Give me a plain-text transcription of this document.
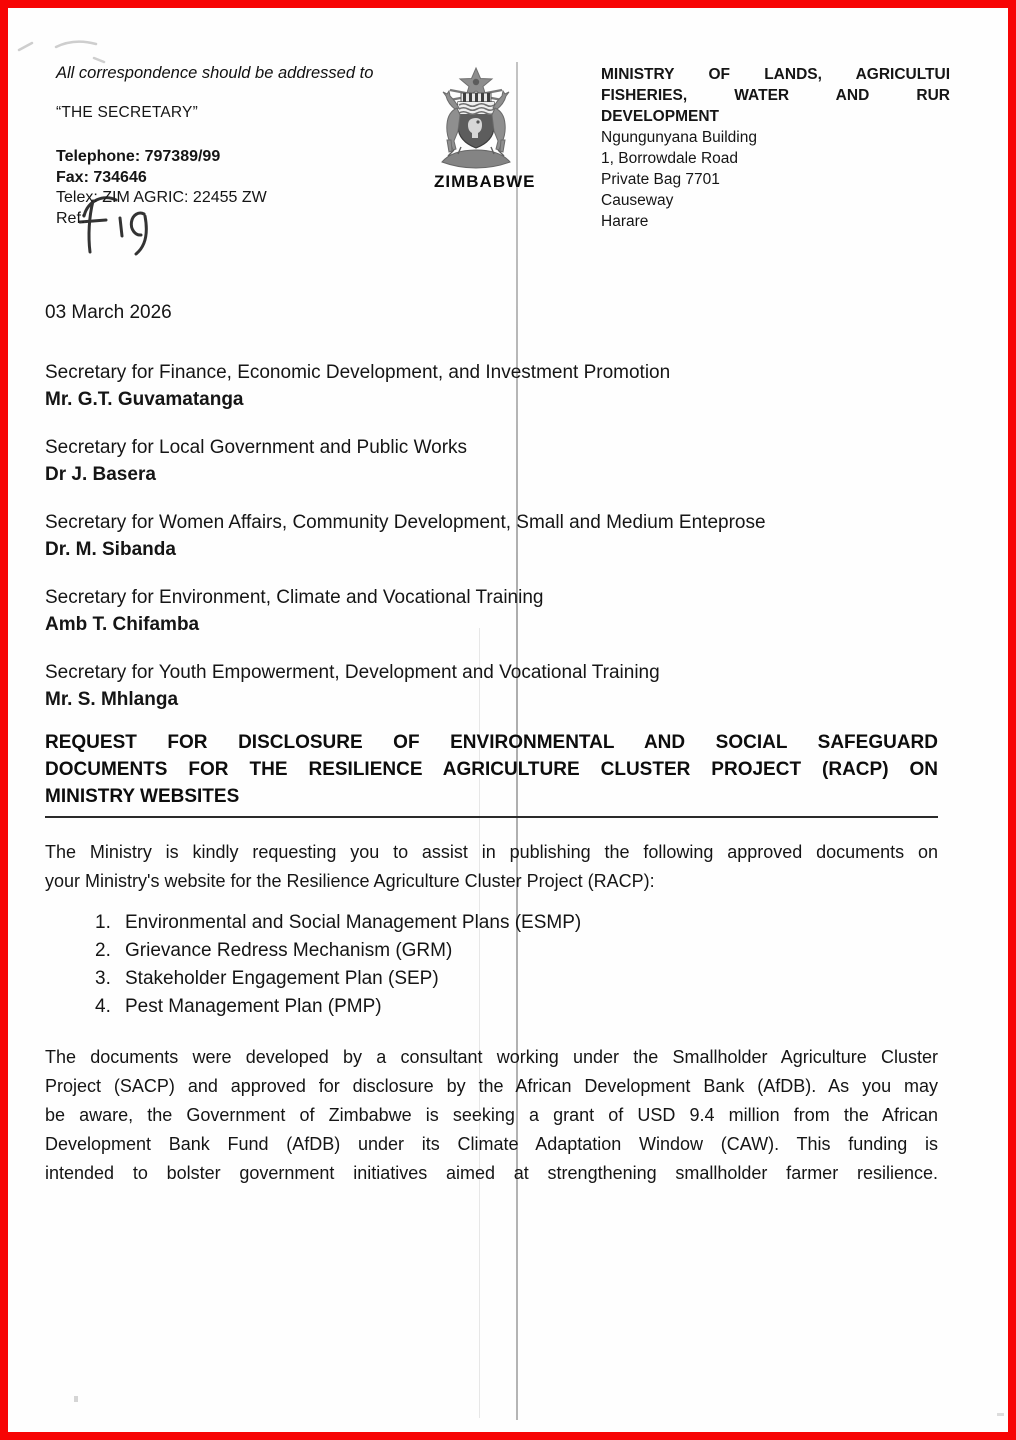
All correspondence should be addressed to

“THE SECRETARY”

Telephone: 797389/99
Fax: 734646
Telex: ZIM AGRIC: 22455 ZW
Ref:
ZIMBABWE
MINISTRY OF LANDS, AGRICULTUI
FISHERIES, WATER AND RUR
DEVELOPMENT
Ngungunyana Building
1, Borrowdale Road
Private Bag 7701
Causeway
Harare
03 March 2026
Secretary for Finance, Economic Development, and Investment Promotion
Mr. G.T. Guvamatanga
Secretary for Local Government and Public Works
Dr J. Basera
Secretary for Women Affairs, Community Development, Small and Medium Enteprose
Dr. M. Sibanda
Secretary for Environment, Climate and Vocational Training
Amb T. Chifamba
Secretary for Youth Empowerment, Development and Vocational Training
Mr. S. Mhlanga
REQUEST FOR DISCLOSURE OF ENVIRONMENTAL AND SOCIAL SAFEGUARD
DOCUMENTS FOR THE RESILIENCE AGRICULTURE CLUSTER PROJECT (RACP) ON
MINISTRY WEBSITES
The Ministry is kindly requesting you to assist in publishing the following approved documents on
your Ministry's website for the Resilience Agriculture Cluster Project (RACP):
1. Environmental and Social Management Plans (ESMP)
2. Grievance Redress Mechanism (GRM)
3. Stakeholder Engagement Plan (SEP)
4. Pest Management Plan (PMP)
The documents were developed by a consultant working under the Smallholder Agriculture Cluster
Project (SACP) and approved for disclosure by the African Development Bank (AfDB). As you may
be aware, the Government of Zimbabwe is seeking a grant of USD 9.4 million from the African
Development Bank Fund (AfDB) under its Climate Adaptation Window (CAW). This funding is
intended to bolster government initiatives aimed at strengthening smallholder farmer resilience.
